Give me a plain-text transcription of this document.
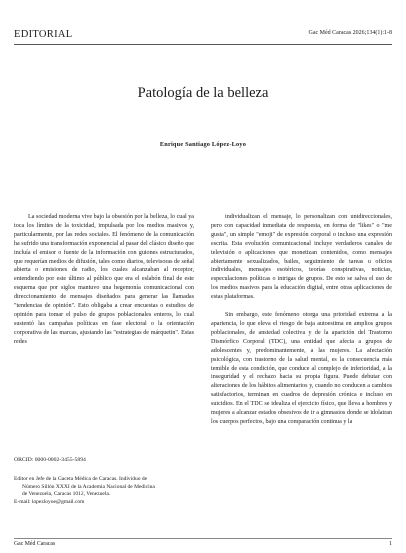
EDITORIAL	Gac Méd Caracas 2026;134(1):1-8
Patología de la belleza
Enrique Santiago López-Loyo

La sociedad moderna vive bajo la obsesión por la belleza, lo cual ya toca los límites de la toxicidad, impulsada por los medios masivos y, particularmente, por las redes sociales. El fenómeno de la comunicación ha sufrido una transformación exponencial al pasar del clásico diseño que incluía el emisor o fuente de la información con guiones estructurados, que requerían medios de difusión, tales como diarios, televisoras de señal abierta o emisiones de radio, los cuales alcanzaban al receptor, entendiendo por este último al público que era el eslabón final de este esquema que por siglos mantuvo una hegemonía comunicacional con direccionamiento de mensajes diseñados para generar las llamadas "tendencias de opinión". Esto obligaba a crear encuestas o estudios de opinión para tomar el pulso de grupos poblacionales enteros, lo cual sustentó las campañas políticas en fase electoral o la orientación corporativa de las marcas, ajustando las "estrategias de márquetin". Estas redes

individualizan el mensaje, lo personalizan con unidireccionales, pero con capacidad inmediata de respuesta, en forma de "likes" o "me gusta", un simple "emoji" de expresión corporal o incluso una expresión escrita. Esta evolución comunicacional incluye verdaderos canales de televisión o aplicaciones que monetizan contenidos, como mensajes abiertamente sexualizados, bailes, seguimiento de tareas u oficios individuales, mensajes esotéricos, teorías conspirativas, noticias, especulaciones políticas o intrigas de grupos. De esto se salva el uso de los medios masivos para la educación digital, entre otras aplicaciones de estas plataformas.

Sin embargo, este fenómeno otorga una prioridad extrema a la apariencia, lo que eleva el riesgo de baja autoestima en amplios grupos poblacionales, de ansiedad colectiva y de la aparición del Trastorno Dismórfico Corporal (TDC), una entidad que afecta a grupos de adolescentes y, predominantemente, a las mujeres. La afectación psicológica, con trastorno de la salud mental, es la consecuencia más temible de esta condición, que conduce al complejo de inferioridad, a la inseguridad y el rechazo hacia su propia figura. Puede debutar con alteraciones de los hábitos alimentarios y, cuando no conducen a cambios satisfactorios, terminan en cuadros de depresión crónica e incluso en suicidios. En el TDC se idealiza el ejercicio físico, que lleva a hombres y mujeres a alcanzar estados obsesivos de ir a gimnasios donde se idolatran los cuerpos perfectos, bajo una comparación continua y la

ORCID: 0000-0002-3455-5894
Editor en Jefe de la Gaceta Médica de Caracas. Individuo de
Número Sillón XXXI de la Academia Nacional de Medicina
de Venezuela, Caracas 1012, Venezuela.
E-mail: lopezloyoe@gmail.com
Gac Méd Caracas	1
